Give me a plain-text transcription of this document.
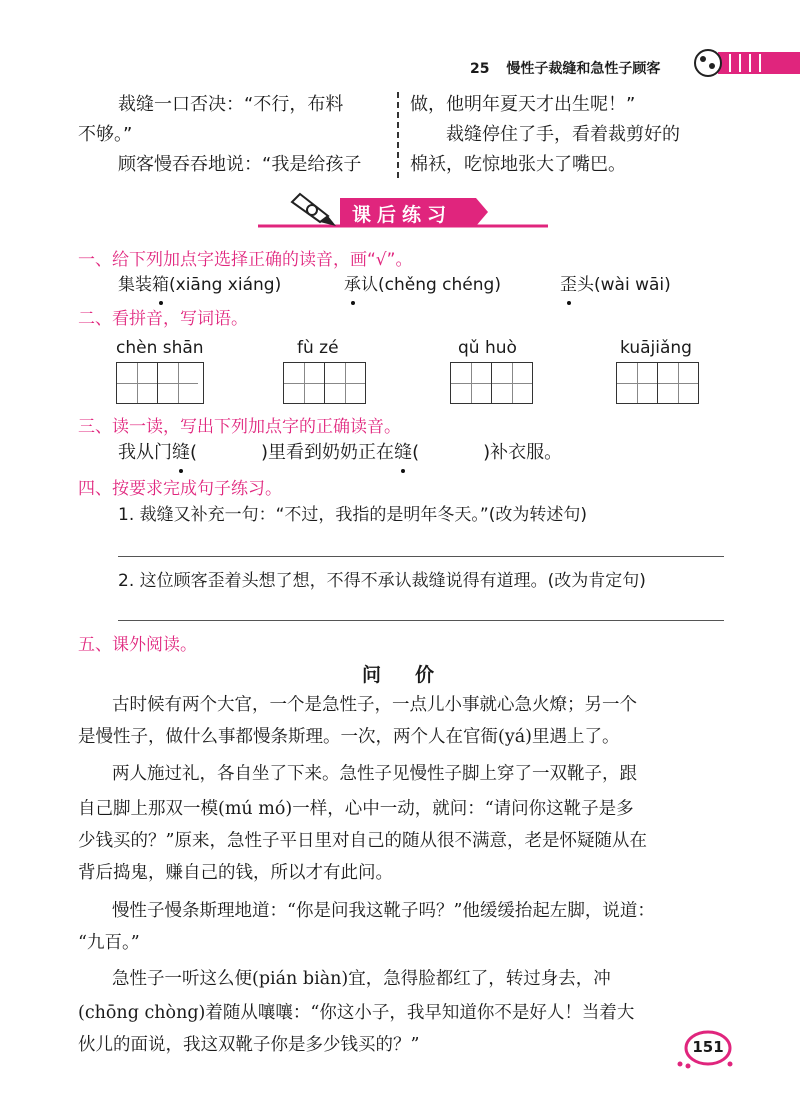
25 慢性子裁缝和急性子顾客
裁缝一口否决：“不行，布料
不够。”
顾客慢吞吞地说：“我是给孩子
做，他明年夏天才出生呢！”
裁缝停住了手，看着裁剪好的
棉袄，吃惊地张大了嘴巴。
课后练习
一、给下列加点字选择正确的读音，画“√”。
集装箱(xiāng xiáng)	承认(chěng chéng)	歪头(wài wāi)
二、看拼音，写词语。
chèn shān	fù zé	qǔ huò	kuājiǎng
三、读一读，写出下列加点字的正确读音。
我从门缝(	)里看到奶奶正在缝(	)补衣服。
四、按要求完成句子练习。
1. 裁缝又补充一句：“不过，我指的是明年冬天。”(改为转述句)
2. 这位顾客歪着头想了想，不得不承认裁缝说得有道理。(改为肯定句)
五、课外阅读。
问价
古时候有两个大官，一个是急性子，一点儿小事就心急火燎；另一个
是慢性子，做什么事都慢条斯理。一次，两个人在官衙(yá)里遇上了。
两人施过礼，各自坐了下来。急性子见慢性子脚上穿了一双靴子，跟
自己脚上那双一模(mú mó)一样，心中一动，就问：“请问你这靴子是多
少钱买的？”原来，急性子平日里对自己的随从很不满意，老是怀疑随从在
背后捣鬼，赚自己的钱，所以才有此问。
慢性子慢条斯理地道：“你是问我这靴子吗？”他缓缓抬起左脚，说道：
“九百。”
急性子一听这么便(pián biàn)宜，急得脸都红了，转过身去，冲
(chōng chòng)着随从嚷嚷：“你这小子，我早知道你不是好人！当着大
伙儿的面说，我这双靴子你是多少钱买的？”	151
